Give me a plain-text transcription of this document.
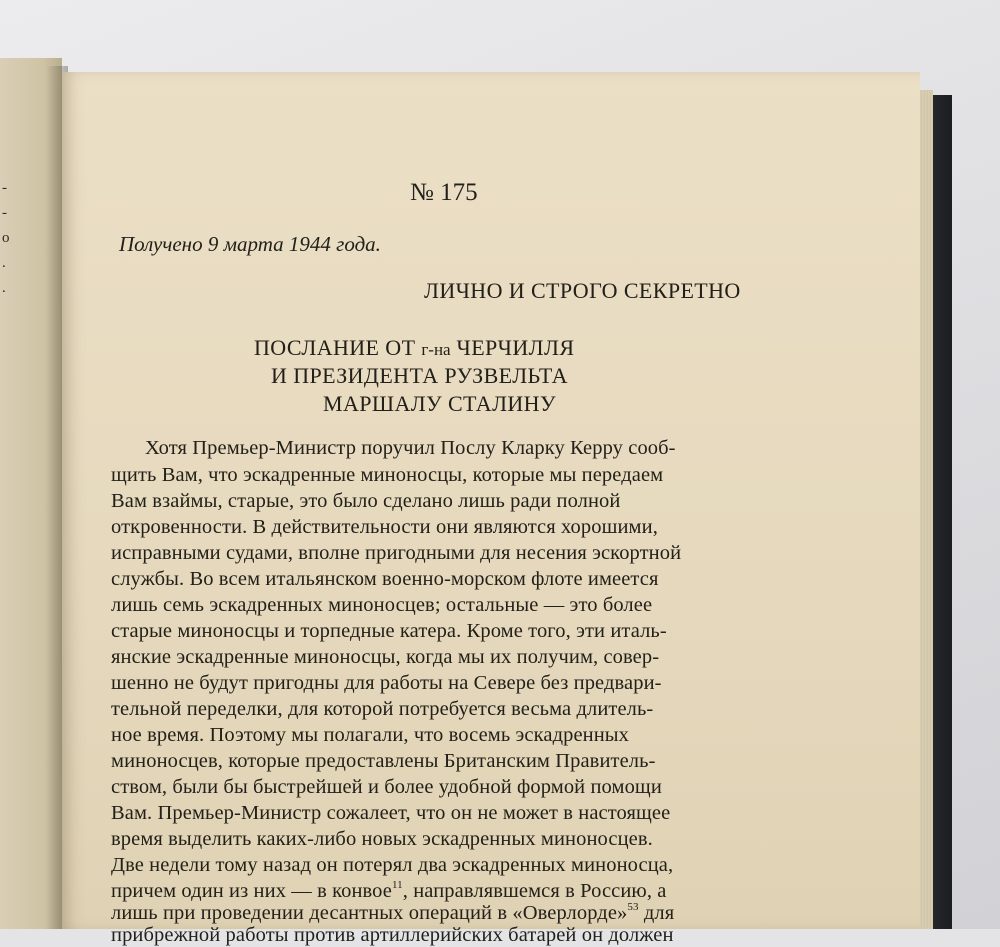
-
-
о
.
.
№ 175
Получено 9 марта 1944 года.
ЛИЧНО И СТРОГО СЕКРЕТНО
ПОСЛАНИЕ ОТ г-на ЧЕРЧИЛЛЯ
И ПРЕЗИДЕНТА РУЗВЕЛЬТА
МАРШАЛУ СТАЛИНУ
Хотя Премьер-Министр поручил Послу Кларку Керру сооб-
щить Вам, что эскадренные миноносцы, которые мы передаем
Вам взаймы, старые, это было сделано лишь ради полной
откровенности. В действительности они являются хорошими,
исправными судами, вполне пригодными для несения эскортной
службы. Во всем итальянском военно-морском флоте имеется
лишь семь эскадренных миноносцев; остальные — это более
старые миноносцы и торпедные катера. Кроме того, эти италь-
янские эскадренные миноносцы, когда мы их получим, совер-
шенно не будут пригодны для работы на Севере без предвари-
тельной переделки, для которой потребуется весьма длитель-
ное время. Поэтому мы полагали, что восемь эскадренных
миноносцев, которые предоставлены Британским Правитель-
ством, были бы быстрейшей и более удобной формой помощи
Вам. Премьер-Министр сожалеет, что он не может в настоящее
время выделить каких-либо новых эскадренных миноносцев.
Две недели тому назад он потерял два эскадренных миноносца,
причем один из них — в конвое$^{11}$, направлявшемся в Россию, а
лишь при проведении десантных операций в «Оверлорде»$^{53}$ для
прибрежной работы против артиллерийских батарей он должен
